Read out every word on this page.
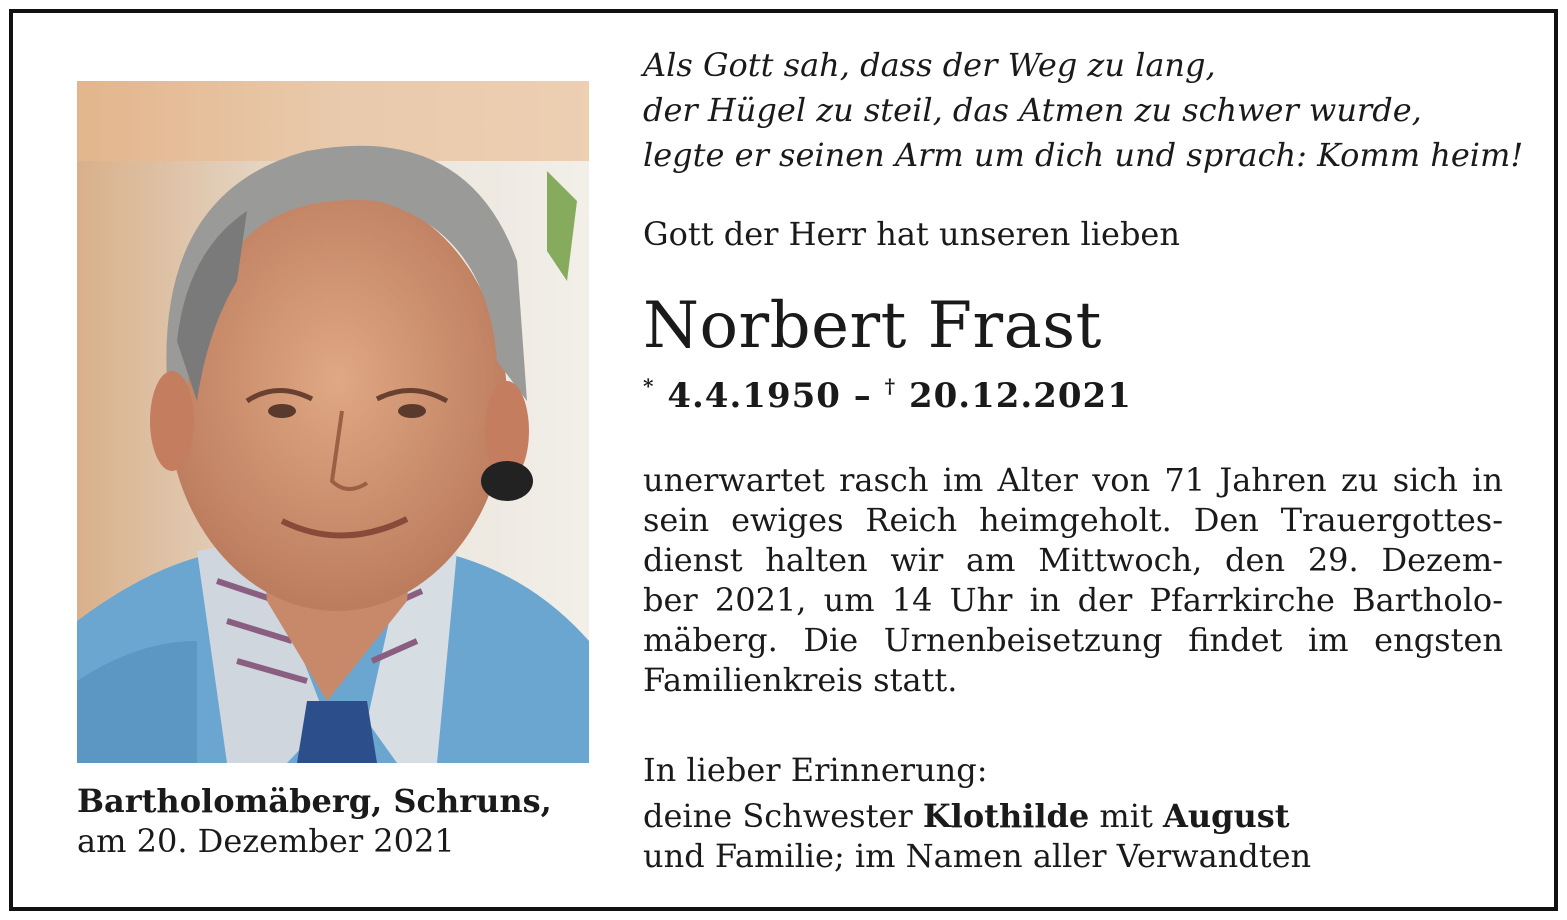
Bartholomäberg, Schruns,
am 20. Dezember 2021
Als Gott sah, dass der Weg zu lang,
der Hügel zu steil, das Atmen zu schwer wurde,
legte er seinen Arm um dich und sprach: Komm heim!
Gott der Herr hat unseren lieben
Norbert Frast
* 4.4.1950 – † 20.12.2021
unerwartet rasch im Alter von 71 Jahren zu sich in
sein ewiges Reich heimgeholt. Den Trauergottes-
dienst halten wir am Mittwoch, den 29. Dezem-
ber 2021, um 14 Uhr in der Pfarrkirche Bartholo-
mäberg. Die Urnenbeisetzung findet im engsten
Familienkreis statt.
In lieber Erinnerung:
deine Schwester Klothilde mit August
und Familie; im Namen aller Verwandten
